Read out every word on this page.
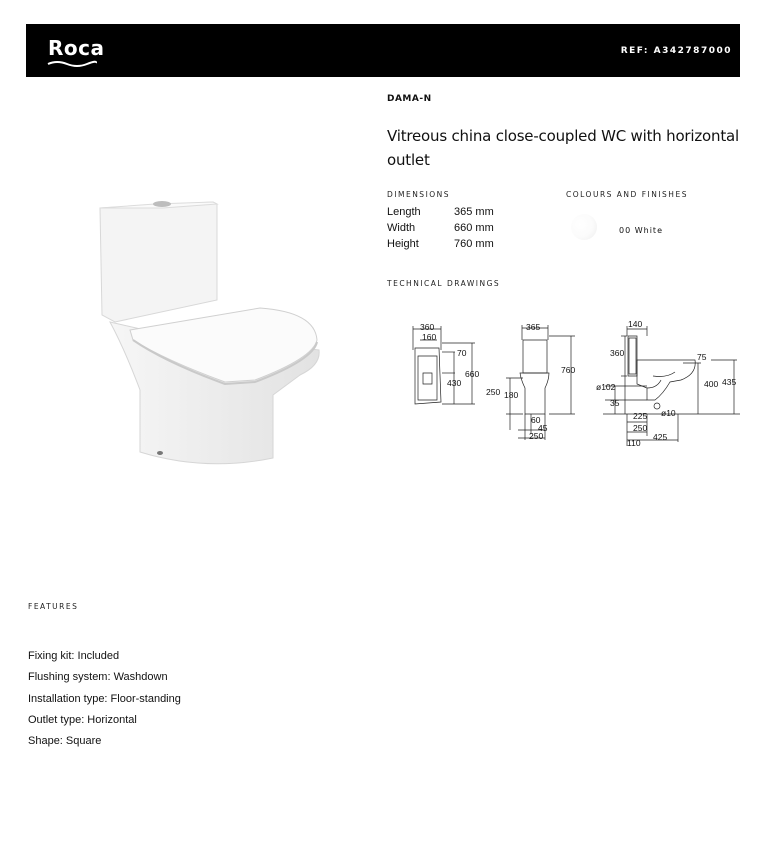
Roca	REF: A342787000
DAMA-N
Vitreous china close-coupled WC with horizontal outlet
DIMENSIONS
Length	365 mm
Width	660 mm
Height	760 mm
COLOURS AND FINISHES
00 White
TECHNICAL DRAWINGS
360
160
70
430
660
365
760
250 180
60
45
250
140
360	75
400 435
ø102
35
225 ø10
250
110
425
FEATURES
Fixing kit: Included
Flushing system: Washdown
Installation type: Floor-standing
Outlet type: Horizontal
Shape: Square
